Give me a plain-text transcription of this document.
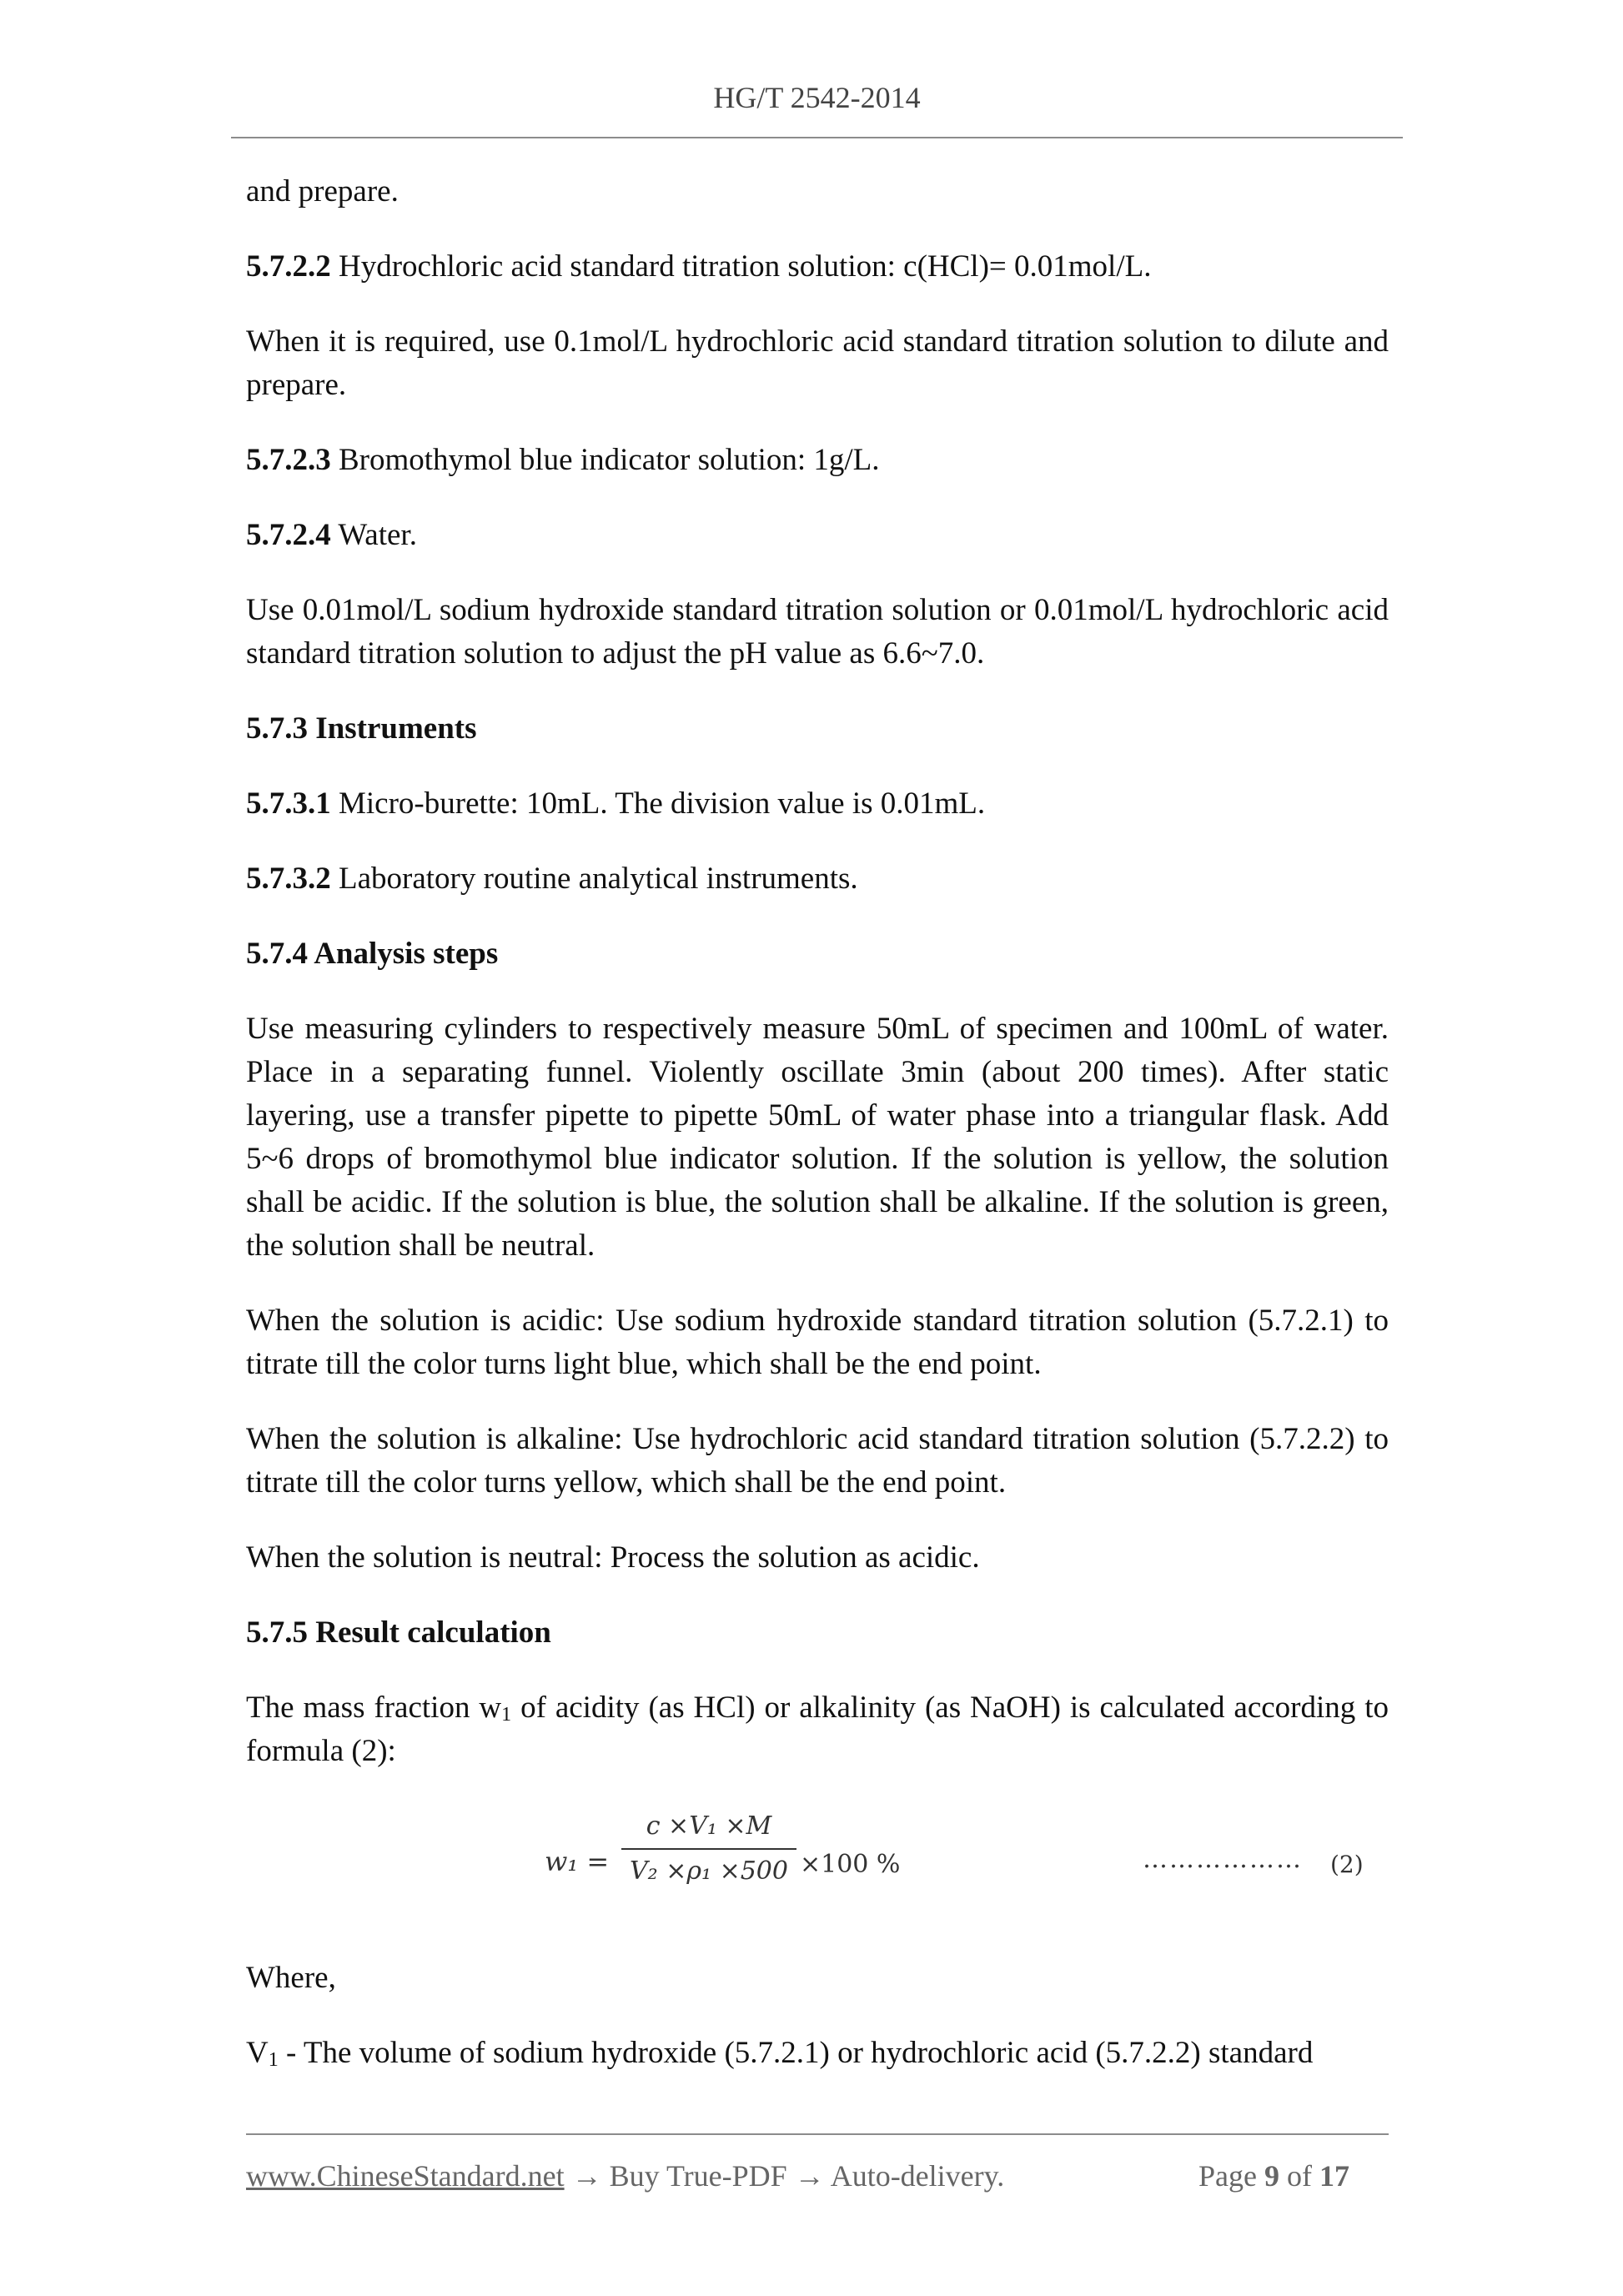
HG/T 2542-2014

and prepare.

5.7.2.2 Hydrochloric acid standard titration solution: c(HCl)= 0.01mol/L.

When it is required, use 0.1mol/L hydrochloric acid standard titration solution to dilute and prepare.

5.7.2.3 Bromothymol blue indicator solution: 1g/L.

5.7.2.4 Water.

Use 0.01mol/L sodium hydroxide standard titration solution or 0.01mol/L hydrochloric acid standard titration solution to adjust the pH value as 6.6~7.0.

5.7.3 Instruments

5.7.3.1 Micro-burette: 10mL. The division value is 0.01mL.

5.7.3.2 Laboratory routine analytical instruments.

5.7.4 Analysis steps

Use measuring cylinders to respectively measure 50mL of specimen and 100mL of water. Place in a separating funnel. Violently oscillate 3min (about 200 times). After static layering, use a transfer pipette to pipette 50mL of water phase into a triangular flask. Add 5~6 drops of bromothymol blue indicator solution. If the solution is yellow, the solution shall be acidic. If the solution is blue, the solution shall be alkaline. If the solution is green, the solution shall be neutral.

When the solution is acidic: Use sodium hydroxide standard titration solution (5.7.2.1) to titrate till the color turns light blue, which shall be the end point.

When the solution is alkaline: Use hydrochloric acid standard titration solution (5.7.2.2) to titrate till the color turns yellow, which shall be the end point.

When the solution is neutral: Process the solution as acidic.

5.7.5 Result calculation

The mass fraction $w_1$ of acidity (as HCl) or alkalinity (as NaOH) is calculated according to formula (2):

w₁ =
c ×V₁ ×M
V₂ ×ρ₁ ×500 ×100 %	……………… (2)

Where,

$V_1$ - The volume of sodium hydroxide (5.7.2.1) or hydrochloric acid (5.7.2.2) standard

www.ChineseStandard.net → Buy True-PDF → Auto-delivery.	Page 9 of 17
